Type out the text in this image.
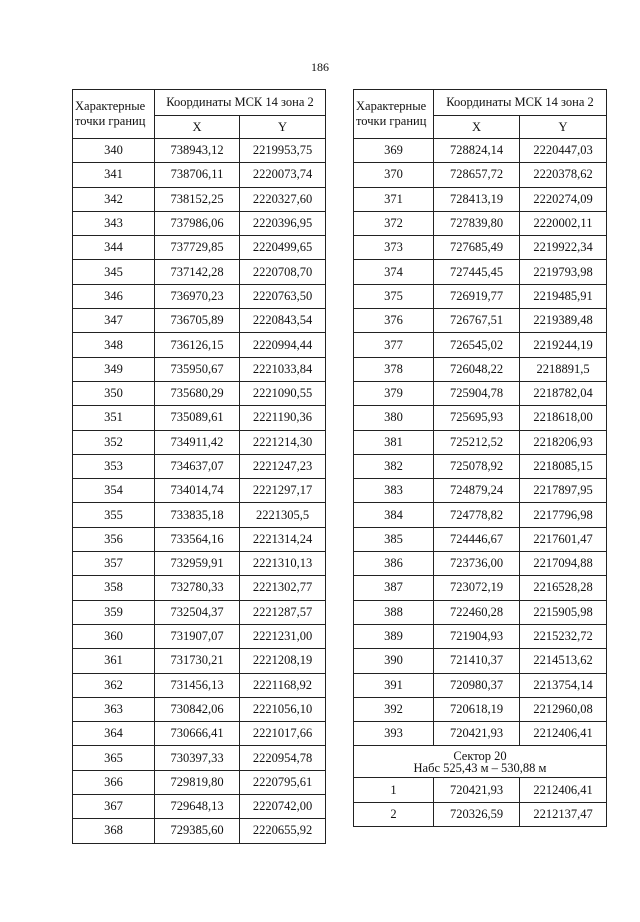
186
Характерные точки границ	Координаты МСК 14 зона 2	
	X	Y
340	738943,12	2219953,75
341	738706,11	2220073,74
342	738152,25	2220327,60
343	737986,06	2220396,95
344	737729,85	2220499,65
345	737142,28	2220708,70
346	736970,23	2220763,50
347	736705,89	2220843,54
348	736126,15	2220994,44
349	735950,67	2221033,84
350	735680,29	2221090,55
351	735089,61	2221190,36
352	734911,42	2221214,30
353	734637,07	2221247,23
354	734014,74	2221297,17
355	733835,18	2221305,5
356	733564,16	2221314,24
357	732959,91	2221310,13
358	732780,33	2221302,77
359	732504,37	2221287,57
360	731907,07	2221231,00
361	731730,21	2221208,19
362	731456,13	2221168,92
363	730842,06	2221056,10
364	730666,41	2221017,66
365	730397,33	2220954,78
366	729819,80	2220795,61
367	729648,13	2220742,00
368	729385,60	2220655,92
Характерные точки границ	Координаты МСК 14 зона 2	
	X	Y
369	728824,14	2220447,03
370	728657,72	2220378,62
371	728413,19	2220274,09
372	727839,80	2220002,11
373	727685,49	2219922,34
374	727445,45	2219793,98
375	726919,77	2219485,91
376	726767,51	2219389,48
377	726545,02	2219244,19
378	726048,22	2218891,5
379	725904,78	2218782,04
380	725695,93	2218618,00
381	725212,52	2218206,93
382	725078,92	2218085,15
383	724879,24	2217897,95
384	724778,82	2217796,98
385	724446,67	2217601,47
386	723736,00	2217094,88
387	723072,19	2216528,28
388	722460,28	2215905,98
389	721904,93	2215232,72
390	721410,37	2214513,62
391	720980,37	2213754,14
392	720618,19	2212960,08
393	720421,93	2212406,41

Сектор 20
Набс 525,43 м – 530,88 м		

1	720421,93	2212406,41
2	720326,59	2212137,47
